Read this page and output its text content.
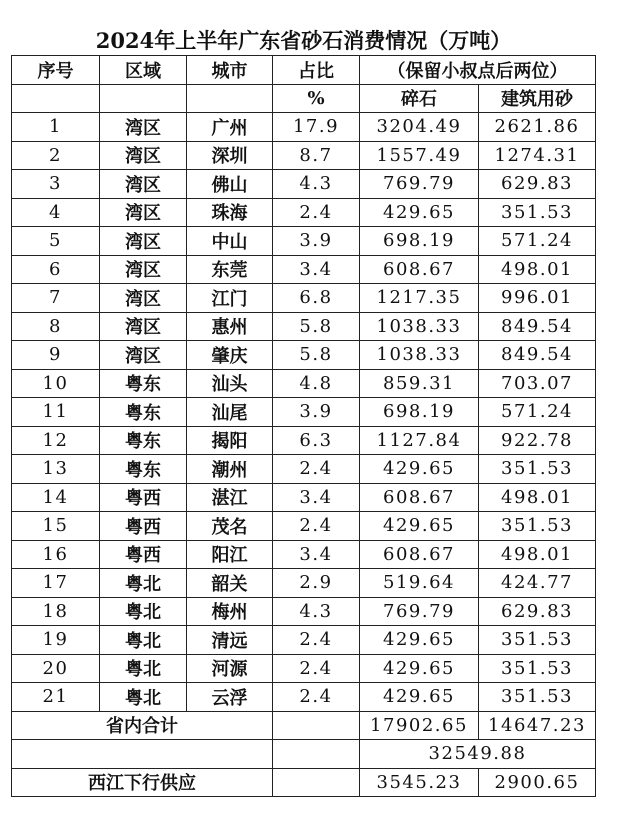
2024年上半年广东省砂石消费情况（万吨）					
序号	区域	城市	占比	（保留小叔点后两位）	
			%	碎石	建筑用砂
1	湾区	广州	17.9	3204.49	2621.86
2	湾区	深圳	8.7	1557.49	1274.31
3	湾区	佛山	4.3	769.79	629.83
4	湾区	珠海	2.4	429.65	351.53
5	湾区	中山	3.9	698.19	571.24
6	湾区	东莞	3.4	608.67	498.01
7	湾区	江门	6.8	1217.35	996.01
8	湾区	惠州	5.8	1038.33	849.54
9	湾区	肇庆	5.8	1038.33	849.54
10	粤东	汕头	4.8	859.31	703.07
11	粤东	汕尾	3.9	698.19	571.24
12	粤东	揭阳	6.3	1127.84	922.78
13	粤东	潮州	2.4	429.65	351.53
14	粤西	湛江	3.4	608.67	498.01
15	粤西	茂名	2.4	429.65	351.53
16	粤西	阳江	3.4	608.67	498.01
17	粤北	韶关	2.9	519.64	424.77
18	粤北	梅州	4.3	769.79	629.83
19	粤北	清远	2.4	429.65	351.53
20	粤北	河源	2.4	429.65	351.53
21	粤北	云浮	2.4	429.65	351.53
省内合计				17902.65	14647.23
				32549.88	
西江下行供应				3545.23	2900.65
